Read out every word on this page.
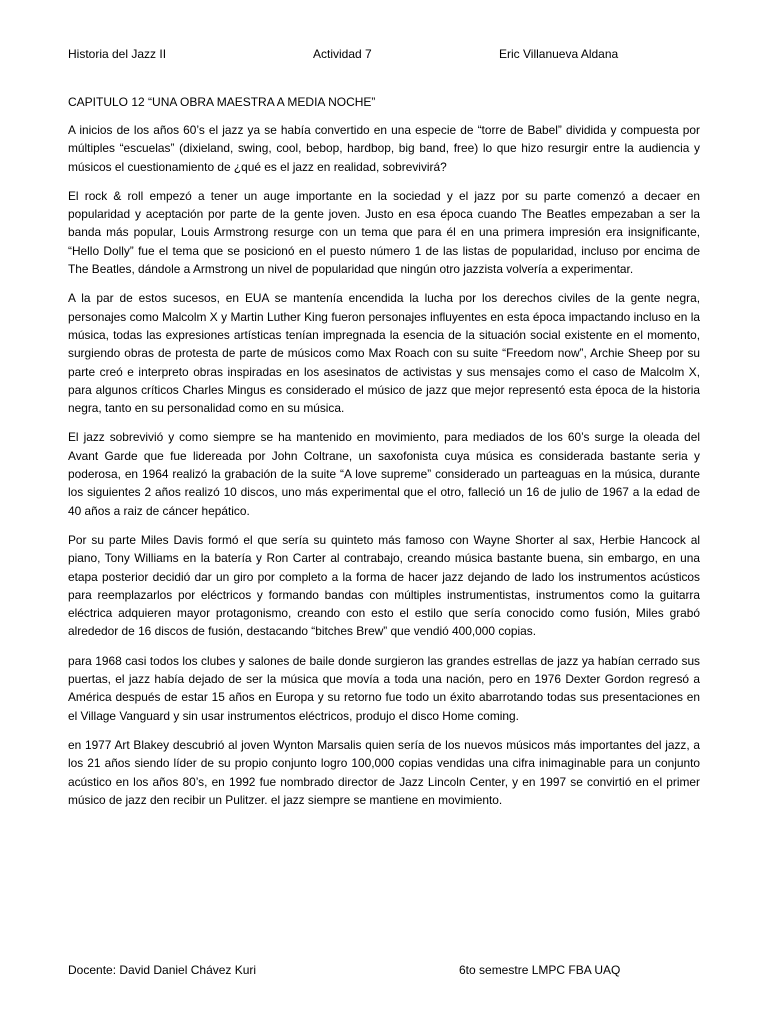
Historia del Jazz II	Actividad 7	Eric Villanueva Aldana
CAPITULO 12 “UNA OBRA MAESTRA A MEDIA NOCHE”

A inicios de los años 60’s el jazz ya se había convertido en una especie de “torre de Babel” dividida y compuesta por múltiples “escuelas” (dixieland, swing, cool, bebop, hardbop, big band, free) lo que hizo resurgir entre la audiencia y músicos el cuestionamiento de ¿qué es el jazz en realidad, sobrevivirá?

El rock & roll empezó a tener un auge importante en la sociedad y el jazz por su parte comenzó a decaer en popularidad y aceptación por parte de la gente joven. Justo en esa época cuando The Beatles empezaban a ser la banda más popular, Louis Armstrong resurge con un tema que para él en una primera impresión era insignificante, “Hello Dolly” fue el tema que se posicionó en el puesto número 1 de las listas de popularidad, incluso por encima de The Beatles, dándole a Armstrong un nivel de popularidad que ningún otro jazzista volvería a experimentar.

A la par de estos sucesos, en EUA se mantenía encendida la lucha por los derechos civiles de la gente negra, personajes como Malcolm X y Martin Luther King fueron personajes influyentes en esta época impactando incluso en la música, todas las expresiones artísticas tenían impregnada la esencia de la situación social existente en el momento, surgiendo obras de protesta de parte de músicos como Max Roach con su suite “Freedom now”, Archie Sheep por su parte creó e interpreto obras inspiradas en los asesinatos de activistas y sus mensajes como el caso de Malcolm X, para algunos críticos Charles Mingus es considerado el músico de jazz que mejor representó esta época de la historia negra, tanto en su personalidad como en su música.

El jazz sobrevivió y como siempre se ha mantenido en movimiento, para mediados de los 60’s surge la oleada del Avant Garde que fue lidereada por John Coltrane, un saxofonista cuya música es considerada bastante seria y poderosa, en 1964 realizó la grabación de la suite “A love supreme” considerado un parteaguas en la música, durante los siguientes 2 años realizó 10 discos, uno más experimental que el otro, falleció un 16 de julio de 1967 a la edad de 40 años a raiz de cáncer hepático.

Por su parte Miles Davis formó el que sería su quinteto más famoso con Wayne Shorter al sax, Herbie Hancock al piano, Tony Williams en la batería y Ron Carter al contrabajo, creando música bastante buena, sin embargo, en una etapa posterior decidió dar un giro por completo a la forma de hacer jazz dejando de lado los instrumentos acústicos para reemplazarlos por eléctricos y formando bandas con múltiples instrumentistas, instrumentos como la guitarra eléctrica adquieren mayor protagonismo, creando con esto el estilo que sería conocido como fusión, Miles grabó alrededor de 16 discos de fusión, destacando “bitches Brew” que vendió 400,000 copias.

para 1968 casi todos los clubes y salones de baile donde surgieron las grandes estrellas de jazz ya habían cerrado sus puertas, el jazz había dejado de ser la música que movía a toda una nación, pero en 1976 Dexter Gordon regresó a América después de estar 15 años en Europa y su retorno fue todo un éxito abarrotando todas sus presentaciones en el Village Vanguard y sin usar instrumentos eléctricos, produjo el disco Home coming.

en 1977 Art Blakey descubrió al joven Wynton Marsalis quien sería de los nuevos músicos más importantes del jazz, a los 21 años siendo líder de su propio conjunto logro 100,000 copias vendidas una cifra inimaginable para un conjunto acústico en los años 80’s, en 1992 fue nombrado director de Jazz Lincoln Center, y en 1997 se convirtió en el primer músico de jazz den recibir un Pulitzer. el jazz siempre se mantiene en movimiento.

Docente: David Daniel Chávez Kuri	6to semestre LMPC FBA UAQ
